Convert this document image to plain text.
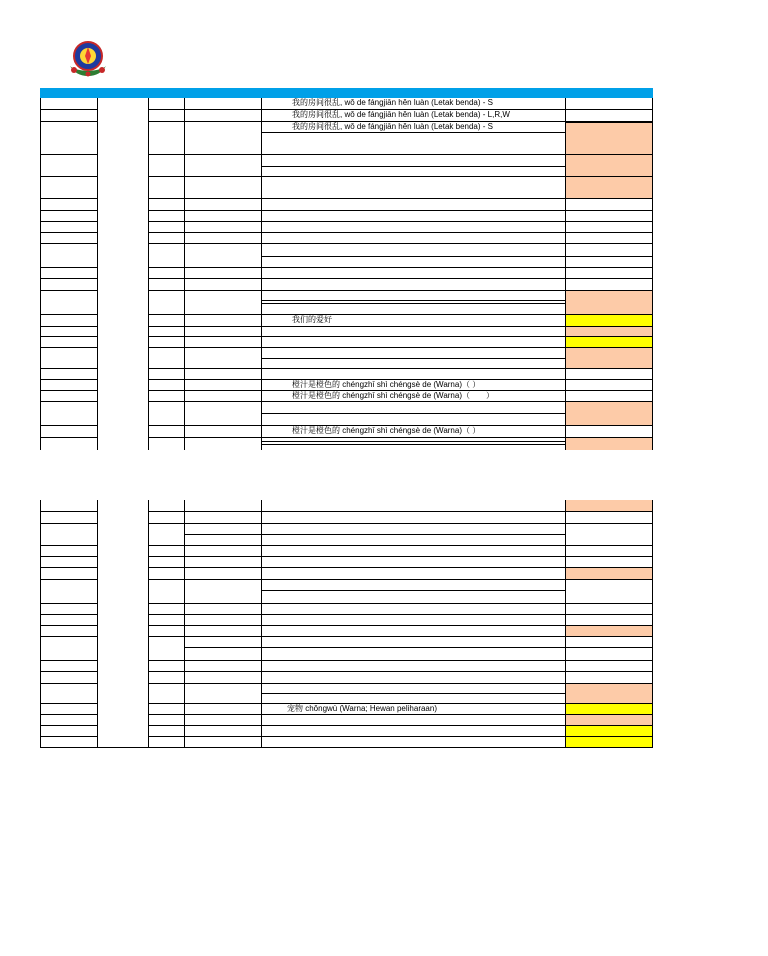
我的房间很乱, wǒ de fángjiān hěn luàn (Letak benda) - S
我的房间很乱, wǒ de fángjiān hěn luàn (Letak benda) - L,R,W
我的房间很乱, wǒ de fángjiān hěn luàn (Letak benda) - S
我们的爱好
橙汁是橙色的 chéngzhī shì chéngsè de (Warna)（ ）
橙汁是橙色的 chéngzhī shì chéngsè de (Warna)（　　）
橙汁是橙色的 chéngzhī shì chéngsè de (Warna)（ ）
宠物 chǒngwù (Warna; Hewan peliharaan)
